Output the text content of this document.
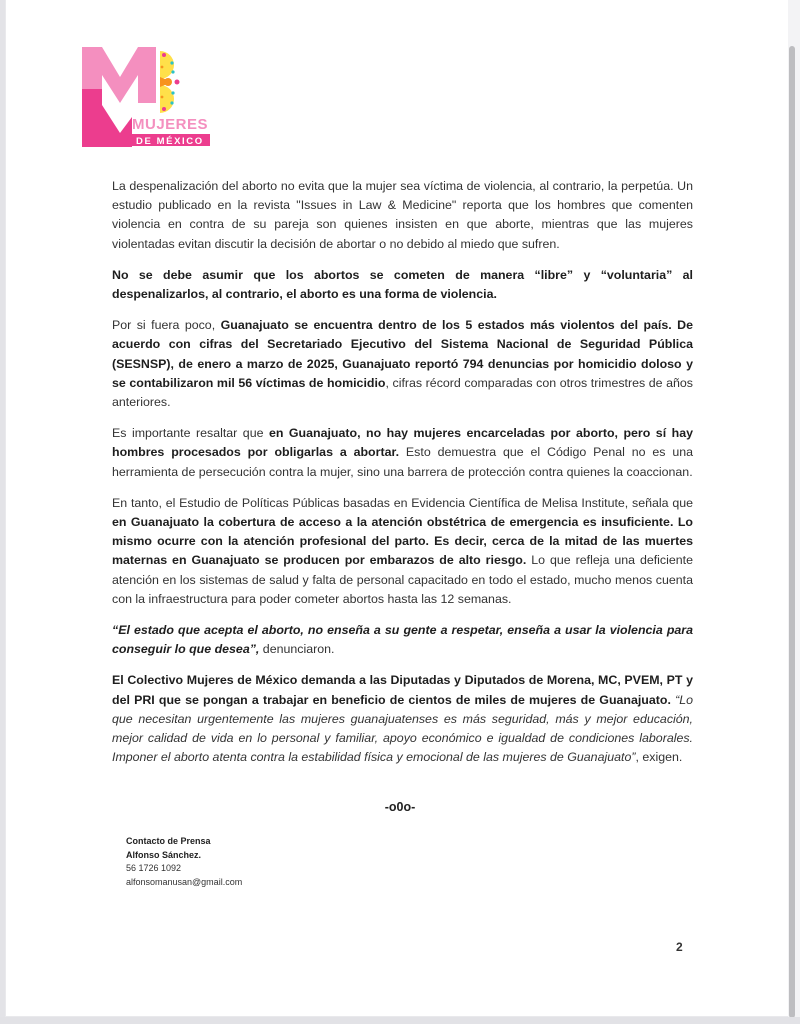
MUJERES
DE MÉXICO

La despenalización del aborto no evita que la mujer sea víctima de violencia, al contrario, la perpetúa. Un estudio publicado en la revista "Issues in Law & Medicine" reporta que los hombres que comenten violencia en contra de su pareja son quienes insisten en que aborte, mientras que las mujeres violentadas evitan discutir la decisión de abortar o no debido al miedo que sufren.

No se debe asumir que los abortos se cometen de manera “libre” y “voluntaria” al despenalizarlos, al contrario, el aborto es una forma de violencia.

Por si fuera poco, Guanajuato se encuentra dentro de los 5 estados más violentos del país. De acuerdo con cifras del Secretariado Ejecutivo del Sistema Nacional de Seguridad Pública (SESNSP), de enero a marzo de 2025, Guanajuato reportó 794 denuncias por homicidio doloso y se contabilizaron mil 56 víctimas de homicidio, cifras récord comparadas con otros trimestres de años anteriores.

Es importante resaltar que en Guanajuato, no hay mujeres encarceladas por aborto, pero sí hay hombres procesados por obligarlas a abortar. Esto demuestra que el Código Penal no es una herramienta de persecución contra la mujer, sino una barrera de protección contra quienes la coaccionan.

En tanto, el Estudio de Políticas Públicas basadas en Evidencia Científica de Melisa Institute, señala que en Guanajuato la cobertura de acceso a la atención obstétrica de emergencia es insuficiente. Lo mismo ocurre con la atención profesional del parto. Es decir, cerca de la mitad de las muertes maternas en Guanajuato se producen por embarazos de alto riesgo. Lo que refleja una deficiente atención en los sistemas de salud y falta de personal capacitado en todo el estado, mucho menos cuenta con la infraestructura para poder cometer abortos hasta las 12 semanas.

“El estado que acepta el aborto, no enseña a su gente a respetar, enseña a usar la violencia para conseguir lo que desea”, denunciaron.

El Colectivo Mujeres de México demanda a las Diputadas y Diputados de Morena, MC, PVEM, PT y del PRI que se pongan a trabajar en beneficio de cientos de miles de mujeres de Guanajuato. “Lo que necesitan urgentemente las mujeres guanajuatenses es más seguridad, más y mejor educación, mejor calidad de vida en lo personal y familiar, apoyo económico e igualdad de condiciones laborales. Imponer el aborto atenta contra la estabilidad física y emocional de las mujeres de Guanajuato”, exigen.

-o0o-
Contacto de Prensa
Alfonso Sánchez.
56 1726 1092
alfonsomanusan@gmail.com
2
